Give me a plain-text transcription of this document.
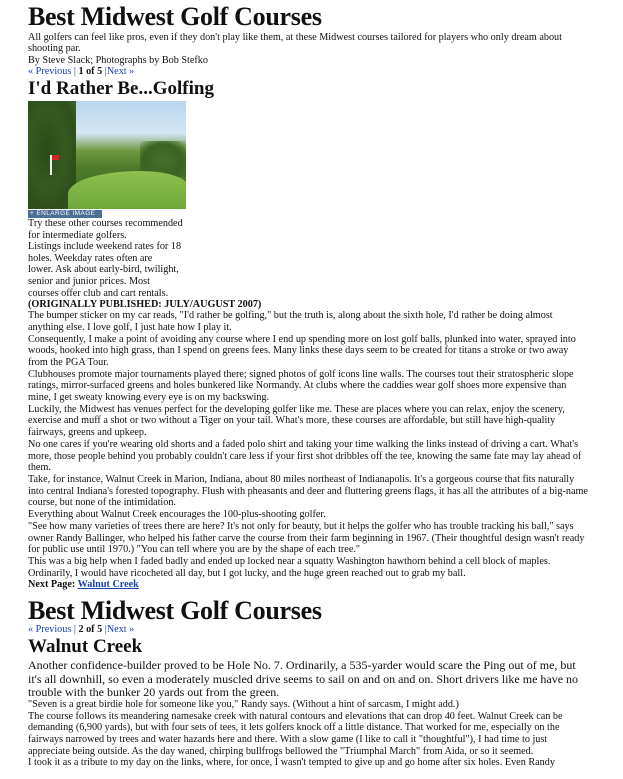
Best Midwest Golf Courses

All golfers can feel like pros, even if they don't play like them, at these Midwest courses tailored for players who only dream about shooting par.

By Steve Slack; Photographs by Bob Stefko

« Previous | 1 of 5 |Next »

I'd Rather Be...Golfing
+ ENLARGE IMAGE
Try these other courses recommended
for intermediate golfers.
Listings include weekend rates for 18
holes. Weekday rates often are
lower. Ask about early-bird, twilight,
senior and junior prices. Most
courses offer club and cart rentals.

(ORIGINALLY PUBLISHED: JULY/AUGUST 2007)

The bumper sticker on my car reads, "I'd rather be golfing," but the truth is, along about the sixth hole, I'd rather be doing almost anything else. I love golf, I just hate how I play it.

Consequently, I make a point of avoiding any course where I end up spending more on lost golf balls, plunked into water, sprayed into woods, hooked into high grass, than I spend on greens fees. Many links these days seem to be created for titans a stroke or two away from the PGA Tour.

Clubhouses promote major tournaments played there; signed photos of golf icons line walls. The courses tout their stratospheric slope ratings, mirror-surfaced greens and holes bunkered like Normandy. At clubs where the caddies wear golf shoes more expensive than mine, I get sweaty knowing every eye is on my backswing.

Luckily, the Midwest has venues perfect for the developing golfer like me. These are places where you can relax, enjoy the scenery, exercise and muff a shot or two without a Tiger on your tail. What's more, these courses are affordable, but still have high-quality fairways, greens and upkeep.

No one cares if you're wearing old shorts and a faded polo shirt and taking your time walking the links instead of driving a cart. What's more, those people behind you probably couldn't care less if your first shot dribbles off the tee, knowing the same fate may lay ahead of them.

Take, for instance, Walnut Creek in Marion, Indiana, about 80 miles northeast of Indianapolis. It's a gorgeous course that fits naturally into central Indiana's forested topography. Flush with pheasants and deer and fluttering greens flags, it has all the attributes of a big-name course, but none of the intimidation.

Everything about Walnut Creek encourages the 100-plus-shooting golfer.

"See how many varieties of trees there are here? It's not only for beauty, but it helps the golfer who has trouble tracking his ball," says owner Randy Ballinger, who helped his father carve the course from their farm beginning in 1967. (Their thoughtful design wasn't ready for public use until 1970.) "You can tell where you are by the shape of each tree."

This was a big help when I faded badly and ended up locked near a squatty Washington hawthorn behind a cell block of maples. Ordinarily, I would have ricocheted all day, but I got lucky, and the huge green reached out to grab my ball.

Next Page: Walnut Creek

Best Midwest Golf Courses

« Previous | 2 of 5 |Next »

Walnut Creek

Another confidence-builder proved to be Hole No. 7. Ordinarily, a 535-yarder would scare the Ping out of me, but it's all downhill, so even a moderately muscled drive seems to sail on and on and on. Short drivers like me have no trouble with the bunker 20 yards out from the green.

"Seven is a great birdie hole for someone like you," Randy says. (Without a hint of sarcasm, I might add.)

The course follows its meandering namesake creek with natural contours and elevations that can drop 40 feet. Walnut Creek can be demanding (6,900 yards), but with four sets of tees, it lets golfers knock off a little distance. That worked for me, especially on the fairways narrowed by trees and water hazards here and there. With a slow game (I like to call it "thoughtful"), I had time to just appreciate being outside. As the day waned, chirping bullfrogs bellowed the "Triumphal March" from Aida, or so it seemed.

I took it as a tribute to my day on the links, where, for once, I wasn't tempted to give up and go home after six holes. Even Randy
